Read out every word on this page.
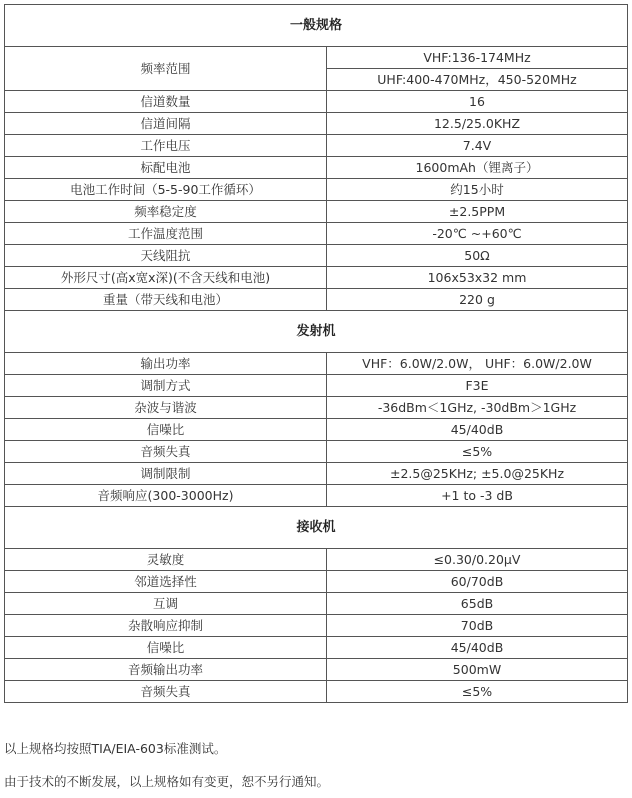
一般规格	
频率范围	VHF:136-174MHz
	UHF:400-470MHz，450-520MHz
信道数量	16
信道间隔	12.5/25.0KHZ
工作电压	7.4V
标配电池	1600mAh（锂离子）
电池工作时间（5-5-90工作循环）	约15小时
频率稳定度	±2.5PPM
工作温度范围	-20℃ ~+60℃
天线阻抗	50Ω
外形尺寸(高x宽x深)(不含天线和电池)	106x53x32 mm
重量（带天线和电池）	220 g
发射机	
输出功率	VHF：6.0W/2.0W， UHF：6.0W/2.0W
调制方式	F3E
杂波与谐波	-36dBm＜1GHz, -30dBm＞1GHz
信噪比	45/40dB
音频失真	≤5%
调制限制	±2.5@25KHz; ±5.0@25KHz
音频响应(300-3000Hz)	+1 to -3 dB
接收机	
灵敏度	≤0.30/0.20μV
邻道选择性	60/70dB
互调	65dB
杂散响应抑制	70dB
信噪比	45/40dB
音频输出功率	500mW
音频失真	≤5%

以上规格均按照TIA/EIA-603标准测试。

由于技术的不断发展，以上规格如有变更，恕不另行通知。
